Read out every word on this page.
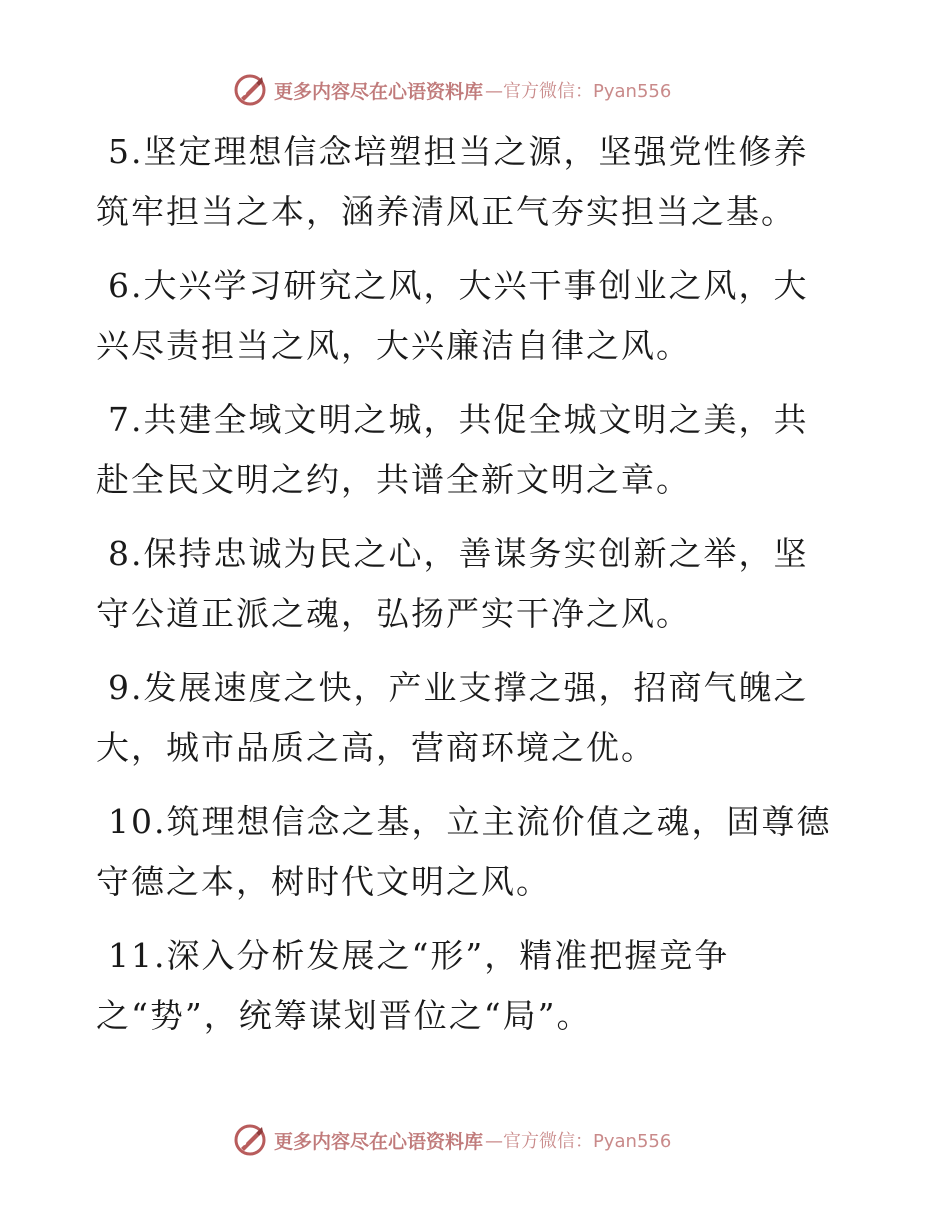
更多内容尽在心语资料库 —官方微信：Pyan556

5.坚定理想信念培塑担当之源，坚强党性修养筑牢担当之本，涵养清风正气夯实担当之基。

6.大兴学习研究之风，大兴干事创业之风，大兴尽责担当之风，大兴廉洁自律之风。

7.共建全域文明之城，共促全城文明之美，共赴全民文明之约，共谱全新文明之章。

8.保持忠诚为民之心，善谋务实创新之举，坚守公道正派之魂，弘扬严实干净之风。

9.发展速度之快，产业支撑之强，招商气魄之大，城市品质之高，营商环境之优。

10.筑理想信念之基，立主流价值之魂，固尊德守德之本，树时代文明之风。

11.深入分析发展之“形”，精准把握竞争之“势”，统筹谋划晋位之“局”。

更多内容尽在心语资料库 —官方微信：Pyan556
